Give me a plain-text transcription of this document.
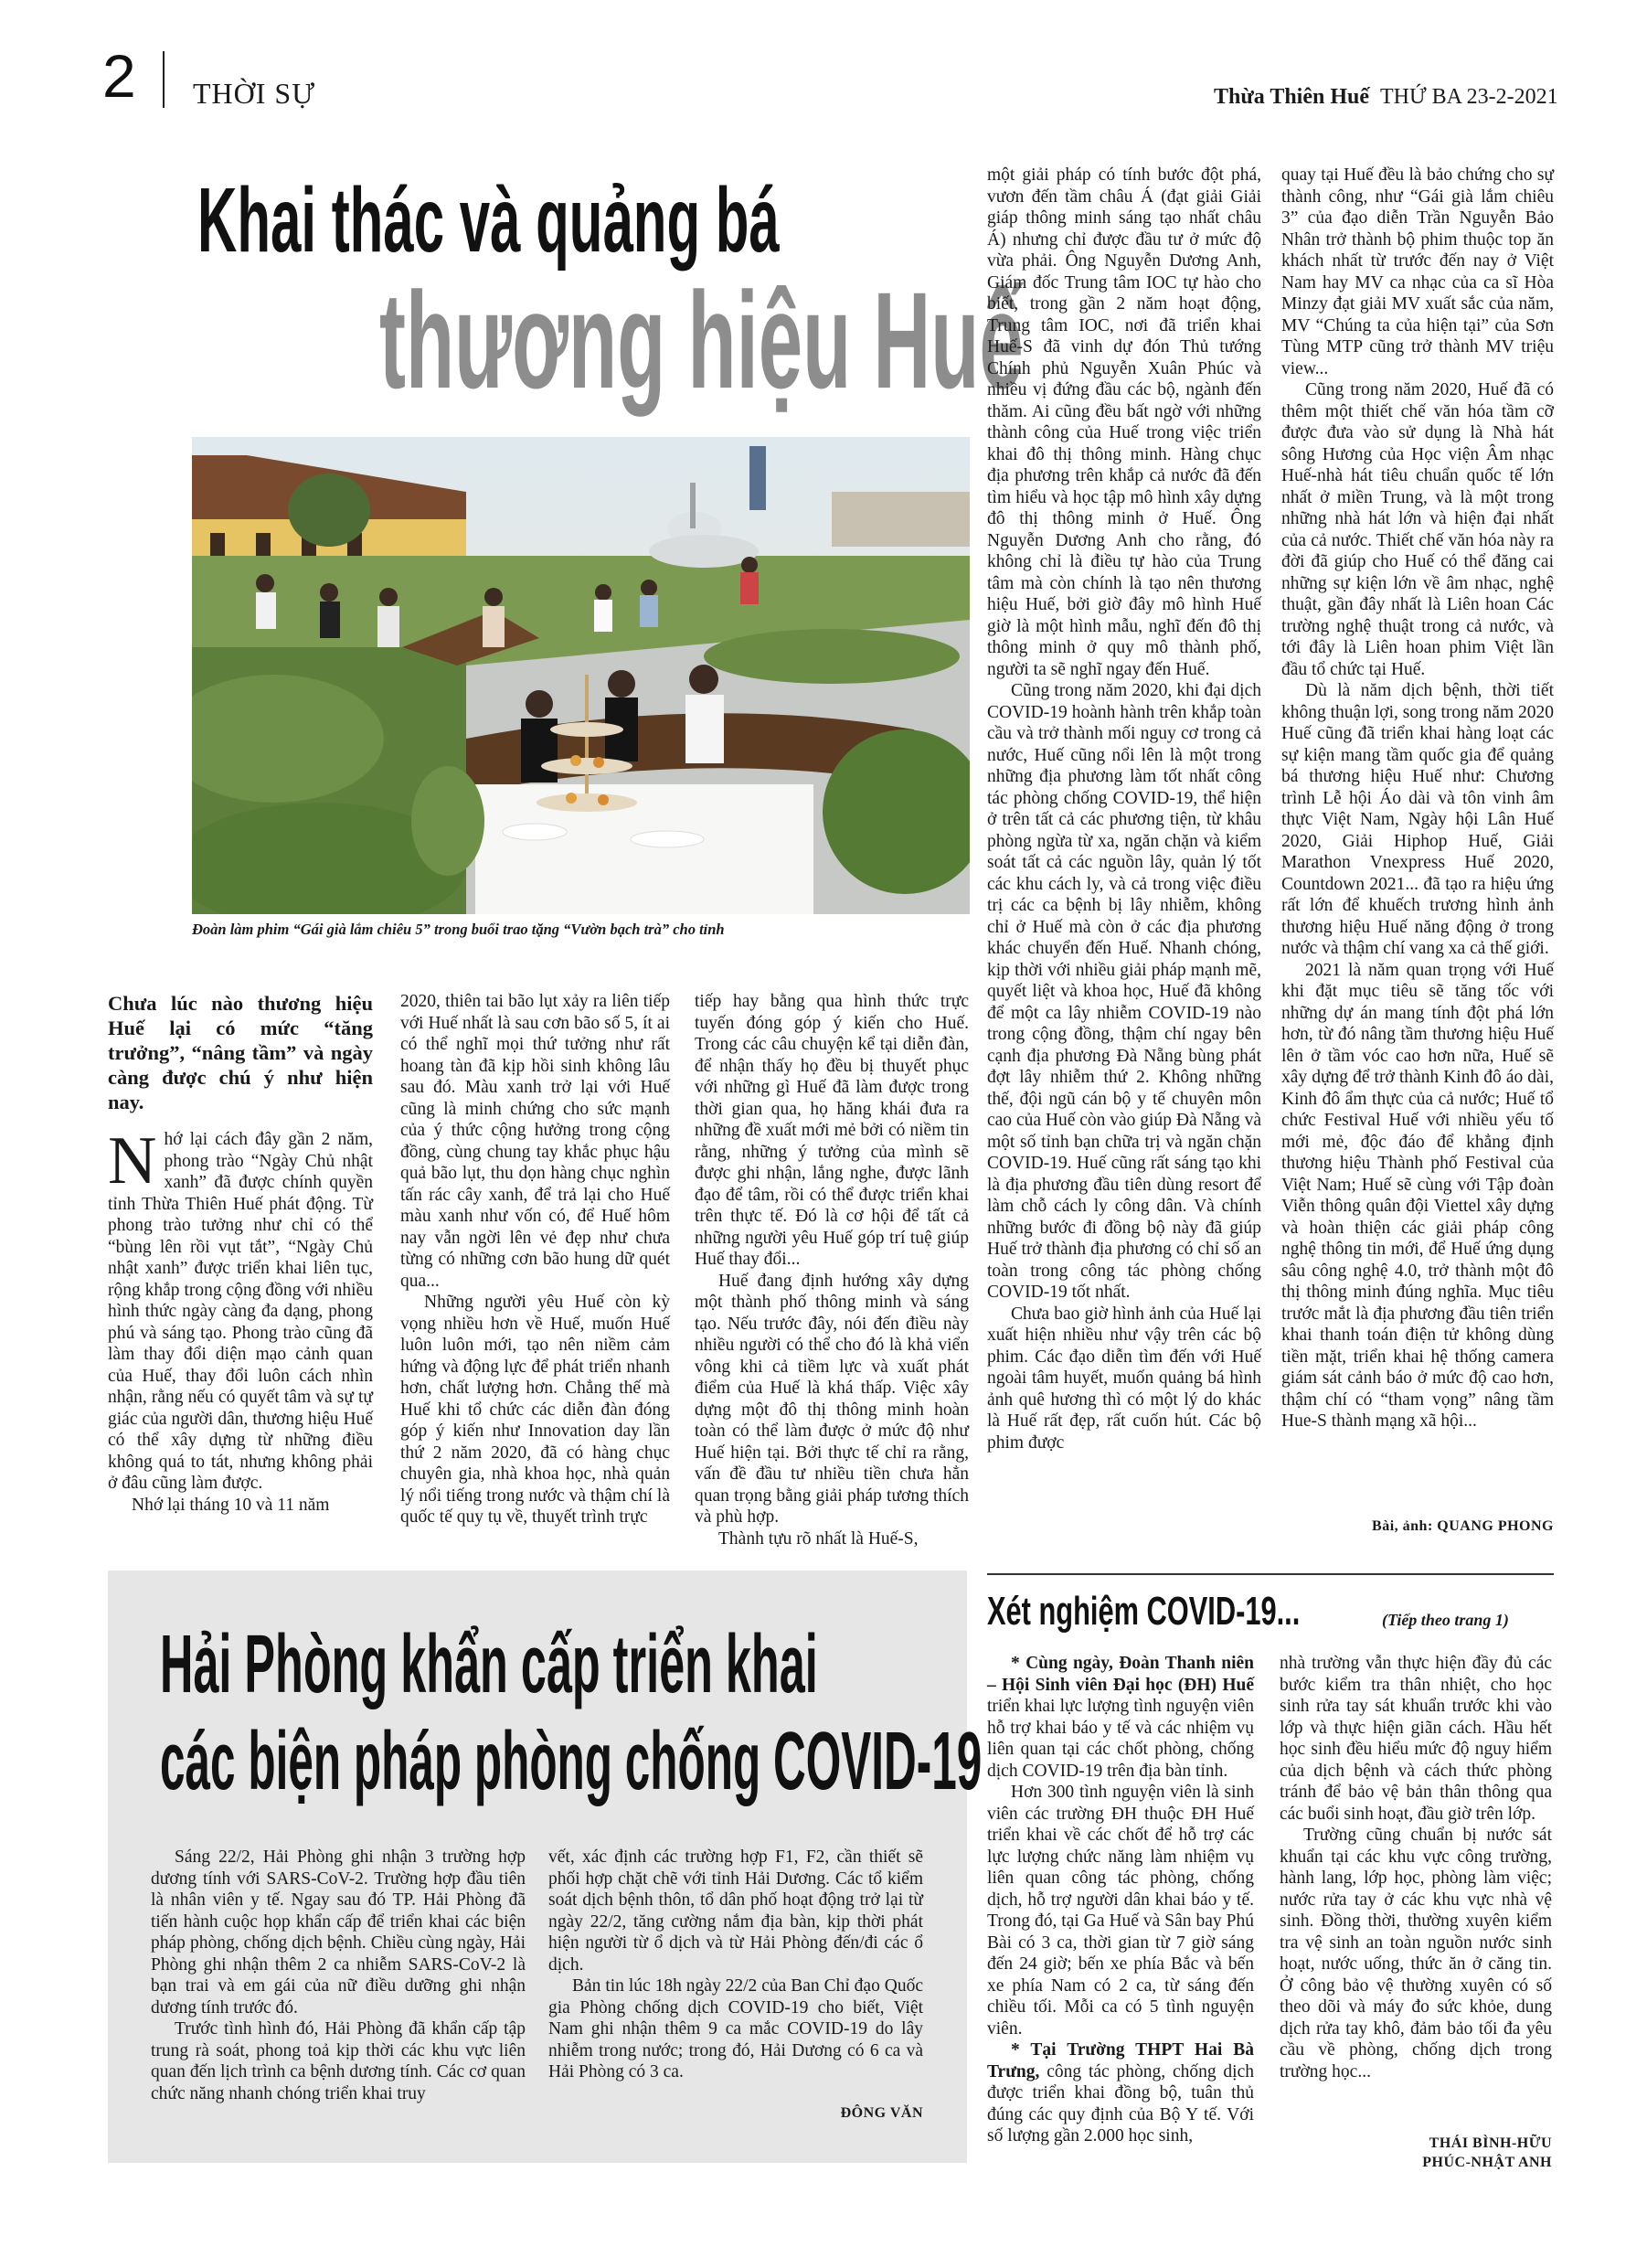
2 THỜI SỰ	Thừa Thiên Huế THỨ BA 23-2-2021
Khai thác và quảng bá
thương hiệu Huế
Đoàn làm phim “Gái già lắm chiêu 5” trong buổi trao tặng “Vườn bạch trà” cho tỉnh
Chưa lúc nào thương hiệu Huế lại có mức “tăng trưởng”, “nâng tầm” và ngày càng được chú ý như hiện nay.

Nhớ lại cách đây gần 2 năm, phong trào “Ngày Chủ nhật xanh” đã được chính quyền tỉnh Thừa Thiên Huế phát động. Từ phong trào tưởng như chỉ có thể “bùng lên rồi vụt tắt”, “Ngày Chủ nhật xanh” được triển khai liên tục, rộng khắp trong cộng đồng với nhiều hình thức ngày càng đa dạng, phong phú và sáng tạo. Phong trào cũng đã làm thay đổi diện mạo cảnh quan của Huế, thay đổi luôn cách nhìn nhận, rằng nếu có quyết tâm và sự tự giác của người dân, thương hiệu Huế có thể xây dựng từ những điều không quá to tát, nhưng không phải ở đâu cũng làm được.

Nhớ lại tháng 10 và 11 năm

2020, thiên tai bão lụt xảy ra liên tiếp với Huế nhất là sau cơn bão số 5, ít ai có thể nghĩ mọi thứ tưởng như rất hoang tàn đã kịp hồi sinh không lâu sau đó. Màu xanh trở lại với Huế cũng là minh chứng cho sức mạnh của ý thức cộng hưởng trong cộng đồng, cùng chung tay khắc phục hậu quả bão lụt, thu dọn hàng chục nghìn tấn rác cây xanh, để trả lại cho Huế màu xanh như vốn có, để Huế hôm nay vẫn ngời lên vẻ đẹp như chưa từng có những cơn bão hung dữ quét qua...

Những người yêu Huế còn kỳ vọng nhiều hơn về Huế, muốn Huế luôn luôn mới, tạo nên niềm cảm hứng và động lực để phát triển nhanh hơn, chất lượng hơn. Chẳng thế mà Huế khi tổ chức các diễn đàn đóng góp ý kiến như Innovation day lần thứ 2 năm 2020, đã có hàng chục chuyên gia, nhà khoa học, nhà quản lý nổi tiếng trong nước và thậm chí là quốc tế quy tụ về, thuyết trình trực

tiếp hay bằng qua hình thức trực tuyến đóng góp ý kiến cho Huế. Trong các câu chuyện kể tại diễn đàn, để nhận thấy họ đều bị thuyết phục với những gì Huế đã làm được trong thời gian qua, họ hăng khái đưa ra những đề xuất mới mẻ bởi có niềm tin rằng, những ý tưởng của mình sẽ được ghi nhận, lắng nghe, được lãnh đạo để tâm, rồi có thể được triển khai trên thực tế. Đó là cơ hội để tất cả những người yêu Huế góp trí tuệ giúp Huế thay đổi...

Huế đang định hướng xây dựng một thành phố thông minh và sáng tạo. Nếu trước đây, nói đến điều này nhiều người có thể cho đó là khả viển vông khi cả tiềm lực và xuất phát điểm của Huế là khá thấp. Việc xây dựng một đô thị thông minh hoàn toàn có thể làm được ở mức độ như Huế hiện tại. Bởi thực tế chỉ ra rằng, vấn đề đầu tư nhiều tiền chưa hẳn quan trọng bằng giải pháp tương thích và phù hợp.

Thành tựu rõ nhất là Huế-S,

một giải pháp có tính bước đột phá, vươn đến tầm châu Á (đạt giải Giải giáp thông minh sáng tạo nhất châu Á) nhưng chỉ được đầu tư ở mức độ vừa phải. Ông Nguyễn Dương Anh, Giám đốc Trung tâm IOC tự hào cho biết, trong gần 2 năm hoạt động, Trung tâm IOC, nơi đã triển khai Huế-S đã vinh dự đón Thủ tướng Chính phủ Nguyễn Xuân Phúc và nhiều vị đứng đầu các bộ, ngành đến thăm. Ai cũng đều bất ngờ với những thành công của Huế trong việc triển khai đô thị thông minh. Hàng chục địa phương trên khắp cả nước đã đến tìm hiểu và học tập mô hình xây dựng đô thị thông minh ở Huế. Ông Nguyễn Dương Anh cho rằng, đó không chỉ là điều tự hào của Trung tâm mà còn chính là tạo nên thương hiệu Huế, bởi giờ đây mô hình Huế giờ là một hình mẫu, nghĩ đến đô thị thông minh ở quy mô thành phố, người ta sẽ nghĩ ngay đến Huế.

Cũng trong năm 2020, khi đại dịch COVID-19 hoành hành trên khắp toàn cầu và trở thành mối nguy cơ trong cả nước, Huế cũng nổi lên là một trong những địa phương làm tốt nhất công tác phòng chống COVID-19, thể hiện ở trên tất cả các phương tiện, từ khâu phòng ngừa từ xa, ngăn chặn và kiểm soát tất cả các nguồn lây, quản lý tốt các khu cách ly, và cả trong việc điều trị các ca bệnh bị lây nhiễm, không chỉ ở Huế mà còn ở các địa phương khác chuyển đến Huế. Nhanh chóng, kịp thời với nhiều giải pháp mạnh mẽ, quyết liệt và khoa học, Huế đã không để một ca lây nhiễm COVID-19 nào trong cộng đồng, thậm chí ngay bên cạnh địa phương Đà Nẵng bùng phát đợt lây nhiễm thứ 2. Không những thế, đội ngũ cán bộ y tế chuyên môn cao của Huế còn vào giúp Đà Nẵng và một số tỉnh bạn chữa trị và ngăn chặn COVID-19. Huế cũng rất sáng tạo khi là địa phương đầu tiên dùng resort để làm chỗ cách ly công dân. Và chính những bước đi đồng bộ này đã giúp Huế trở thành địa phương có chỉ số an toàn trong công tác phòng chống COVID-19 tốt nhất.

Chưa bao giờ hình ảnh của Huế lại xuất hiện nhiều như vậy trên các bộ phim. Các đạo diễn tìm đến với Huế ngoài tâm huyết, muốn quảng bá hình ảnh quê hương thì có một lý do khác là Huế rất đẹp, rất cuốn hút. Các bộ phim được

quay tại Huế đều là bảo chứng cho sự thành công, như “Gái già lắm chiêu 3” của đạo diễn Trần Nguyễn Bảo Nhân trở thành bộ phim thuộc top ăn khách nhất từ trước đến nay ở Việt Nam hay MV ca nhạc của ca sĩ Hòa Minzy đạt giải MV xuất sắc của năm, MV “Chúng ta của hiện tại” của Sơn Tùng MTP cũng trở thành MV triệu view...

Cũng trong năm 2020, Huế đã có thêm một thiết chế văn hóa tầm cỡ được đưa vào sử dụng là Nhà hát sông Hương của Học viện Âm nhạc Huế-nhà hát tiêu chuẩn quốc tế lớn nhất ở miền Trung, và là một trong những nhà hát lớn và hiện đại nhất của cả nước. Thiết chế văn hóa này ra đời đã giúp cho Huế có thể đăng cai những sự kiện lớn về âm nhạc, nghệ thuật, gần đây nhất là Liên hoan Các trường nghệ thuật trong cả nước, và tới đây là Liên hoan phim Việt lần đầu tổ chức tại Huế.

Dù là năm dịch bệnh, thời tiết không thuận lợi, song trong năm 2020 Huế cũng đã triển khai hàng loạt các sự kiện mang tầm quốc gia để quảng bá thương hiệu Huế như: Chương trình Lễ hội Áo dài và tôn vinh âm thực Việt Nam, Ngày hội Lân Huế 2020, Giải Hiphop Huế, Giải Marathon Vnexpress Huế 2020, Countdown 2021... đã tạo ra hiệu ứng rất lớn để khuếch trương hình ảnh thương hiệu Huế năng động ở trong nước và thậm chí vang xa cả thế giới.

2021 là năm quan trọng với Huế khi đặt mục tiêu sẽ tăng tốc với những dự án mang tính đột phá lớn hơn, từ đó nâng tầm thương hiệu Huế lên ở tầm vóc cao hơn nữa, Huế sẽ xây dựng để trở thành Kinh đô áo dài, Kinh đô ẩm thực của cả nước; Huế tổ chức Festival Huế với nhiều yếu tố mới mẻ, độc đáo để khẳng định thương hiệu Thành phố Festival của Việt Nam; Huế sẽ cùng với Tập đoàn Viễn thông quân đội Viettel xây dựng và hoàn thiện các giải pháp công nghệ thông tin mới, để Huế ứng dụng sâu công nghệ 4.0, trở thành một đô thị thông minh đúng nghĩa. Mục tiêu trước mắt là địa phương đầu tiên triển khai thanh toán điện tử không dùng tiền mặt, triển khai hệ thống camera giám sát cảnh báo ở mức độ cao hơn, thậm chí có “tham vọng” nâng tầm Hue-S thành mạng xã hội...

Bài, ảnh: QUANG PHONG
Hải Phòng khẩn cấp triển khai
các biện pháp phòng chống COVID-19

Sáng 22/2, Hải Phòng ghi nhận 3 trường hợp dương tính với SARS-CoV-2. Trường hợp đầu tiên là nhân viên y tế. Ngay sau đó TP. Hải Phòng đã tiến hành cuộc họp khẩn cấp để triển khai các biện pháp phòng, chống dịch bệnh. Chiều cùng ngày, Hải Phòng ghi nhận thêm 2 ca nhiễm SARS-CoV-2 là bạn trai và em gái của nữ điều dưỡng ghi nhận dương tính trước đó.

Trước tình hình đó, Hải Phòng đã khẩn cấp tập trung rà soát, phong toả kịp thời các khu vực liên quan đến lịch trình ca bệnh dương tính. Các cơ quan chức năng nhanh chóng triển khai truy

vết, xác định các trường hợp F1, F2, cần thiết sẽ phối hợp chặt chẽ với tỉnh Hải Dương. Các tổ kiểm soát dịch bệnh thôn, tổ dân phố hoạt động trở lại từ ngày 22/2, tăng cường nắm địa bàn, kịp thời phát hiện người từ ổ dịch và từ Hải Phòng đến/đi các ổ dịch.

Bản tin lúc 18h ngày 22/2 của Ban Chỉ đạo Quốc gia Phòng chống dịch COVID-19 cho biết, Việt Nam ghi nhận thêm 9 ca mắc COVID-19 do lây nhiễm trong nước; trong đó, Hải Dương có 6 ca và Hải Phòng có 3 ca.

ĐÔNG VĂN
Xét nghiệm COVID-19...	(Tiếp theo trang 1)

* Cùng ngày, Đoàn Thanh niên – Hội Sinh viên Đại học (ĐH) Huế triển khai lực lượng tình nguyện viên hỗ trợ khai báo y tế và các nhiệm vụ liên quan tại các chốt phòng, chống dịch COVID-19 trên địa bàn tỉnh.

Hơn 300 tình nguyện viên là sinh viên các trường ĐH thuộc ĐH Huế triển khai về các chốt để hỗ trợ các lực lượng chức năng làm nhiệm vụ liên quan công tác phòng, chống dịch, hỗ trợ người dân khai báo y tế. Trong đó, tại Ga Huế và Sân bay Phú Bài có 3 ca, thời gian từ 7 giờ sáng đến 24 giờ; bến xe phía Bắc và bến xe phía Nam có 2 ca, từ sáng đến chiều tối. Mỗi ca có 5 tình nguyện viên.

* Tại Trường THPT Hai Bà Trưng, công tác phòng, chống dịch được triển khai đồng bộ, tuân thủ đúng các quy định của Bộ Y tế. Với số lượng gần 2.000 học sinh,

nhà trường vẫn thực hiện đầy đủ các bước kiểm tra thân nhiệt, cho học sinh rửa tay sát khuẩn trước khi vào lớp và thực hiện giãn cách. Hầu hết học sinh đều hiểu mức độ nguy hiểm của dịch bệnh và cách thức phòng tránh để bảo vệ bản thân thông qua các buổi sinh hoạt, đầu giờ trên lớp.

Trường cũng chuẩn bị nước sát khuẩn tại các khu vực công trường, hành lang, lớp học, phòng làm việc; nước rửa tay ở các khu vực nhà vệ sinh. Đồng thời, thường xuyên kiểm tra vệ sinh an toàn nguồn nước sinh hoạt, nước uống, thức ăn ở căng tin. Ở công bảo vệ thường xuyên có số theo dõi và máy đo sức khỏe, dung dịch rửa tay khô, đảm bảo tối đa yêu cầu về phòng, chống dịch trong trường học...

THÁI BÌNH-HỮU PHÚC-NHẬT ANH
